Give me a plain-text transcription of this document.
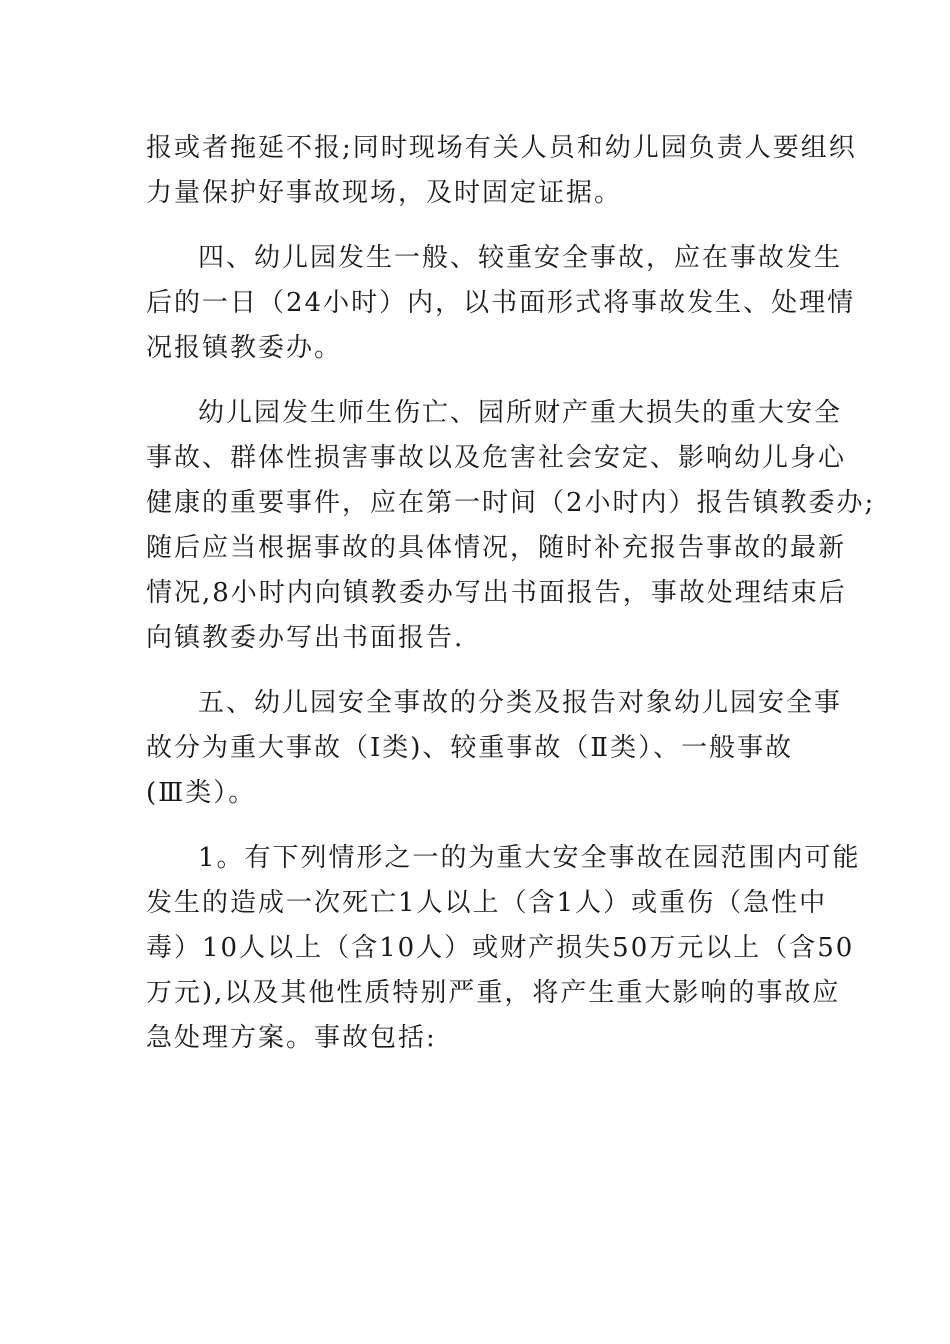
报或者拖延不报;同时现场有关人员和幼儿园负责人要组织
力量保护好事故现场，及时固定证据。
四、幼儿园发生一般、较重安全事故，应在事故发生
后的一日（24小时）内，以书面形式将事故发生、处理情
况报镇教委办。
幼儿园发生师生伤亡、园所财产重大损失的重大安全
事故、群体性损害事故以及危害社会安定、影响幼儿身心
健康的重要事件，应在第一时间（2小时内）报告镇教委办;
随后应当根据事故的具体情况，随时补充报告事故的最新
情况,8小时内向镇教委办写出书面报告，事故处理结束后
向镇教委办写出书面报告.
五、幼儿园安全事故的分类及报告对象幼儿园安全事
故分为重大事故（Ⅰ类)、较重事故（Ⅱ类）、一般事故
(Ⅲ类）。
1。有下列情形之一的为重大安全事故在园范围内可能
发生的造成一次死亡1人以上（含1人）或重伤（急性中
毒）10人以上（含10人）或财产损失50万元以上（含50
万元),以及其他性质特别严重，将产生重大影响的事故应
急处理方案。事故包括:
